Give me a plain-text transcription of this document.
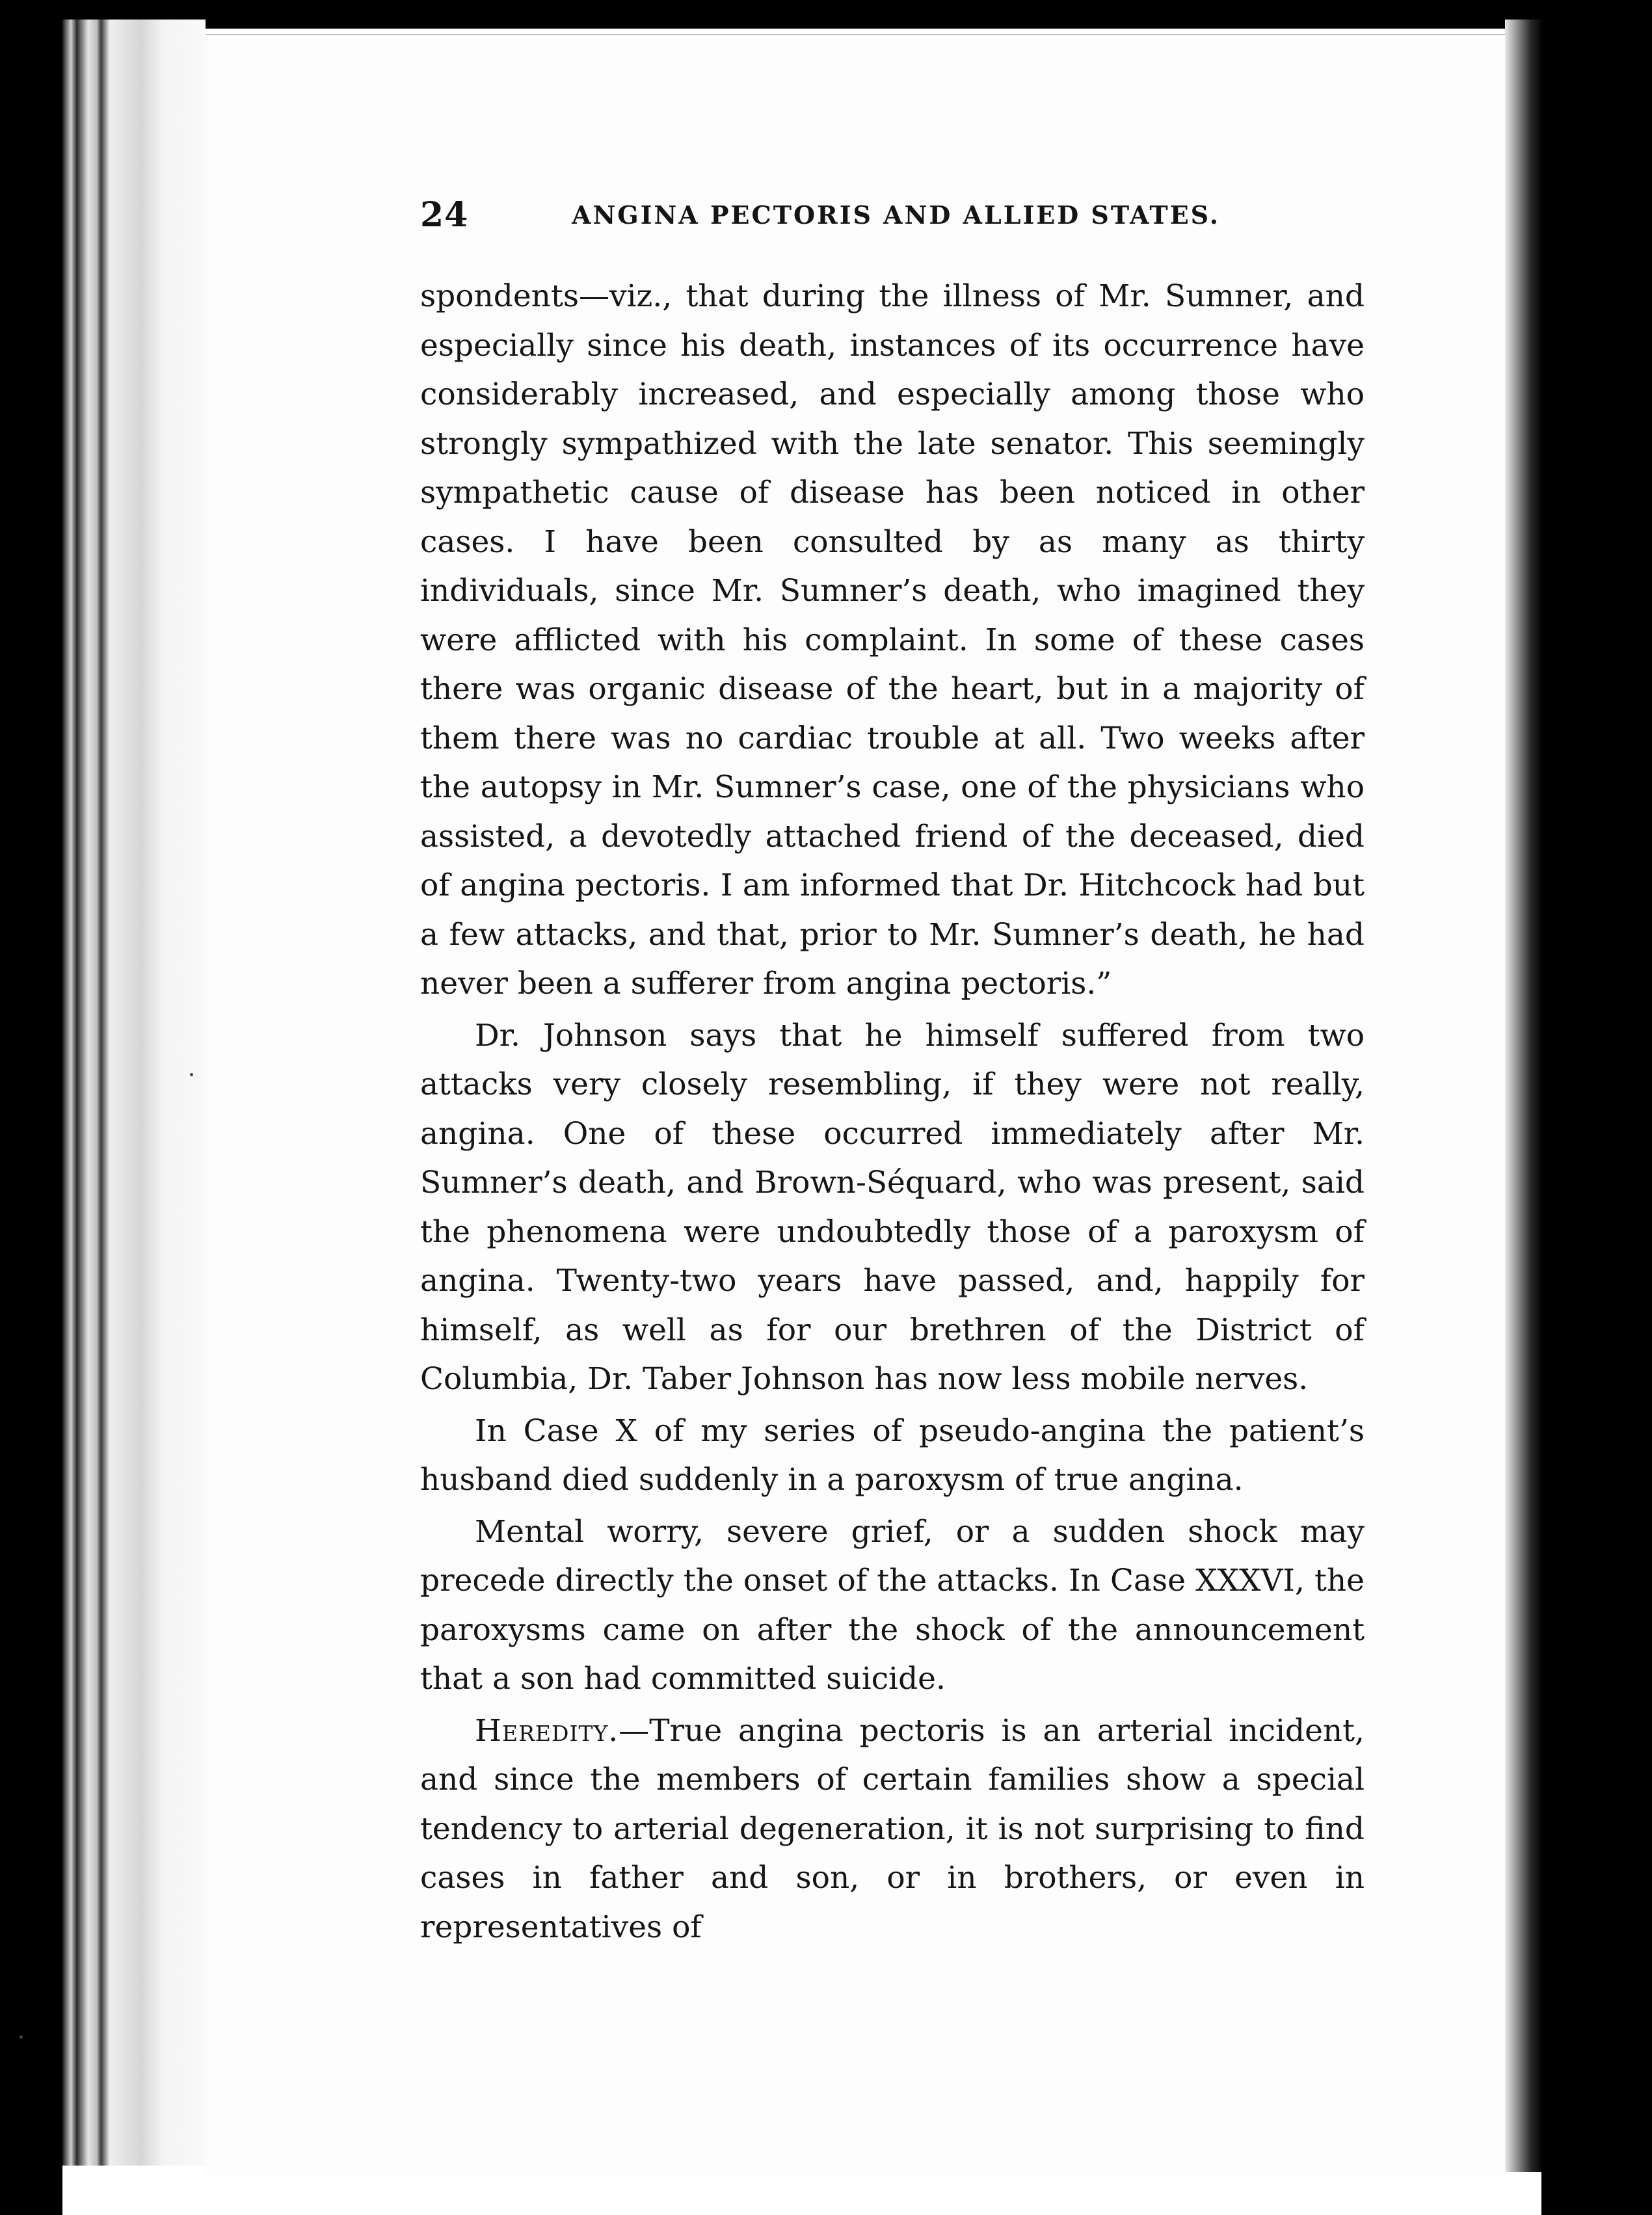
24	ANGINA PECTORIS AND ALLIED STATES.

spondents—viz., that during the illness of Mr. Sumner, and especially since his death, instances of its occurrence have considerably increased, and especially among those who strongly sympathized with the late senator. This seemingly sympathetic cause of disease has been noticed in other cases. I have been consulted by as many as thirty individuals, since Mr. Sumner’s death, who imagined they were afflicted with his complaint. In some of these cases there was organic disease of the heart, but in a majority of them there was no cardiac trouble at all. Two weeks after the autopsy in Mr. Sumner’s case, one of the physicians who assisted, a devotedly attached friend of the deceased, died of angina pectoris. I am informed that Dr. Hitchcock had but a few attacks, and that, prior to Mr. Sumner’s death, he had never been a sufferer from angina pectoris.”

Dr. Johnson says that he himself suffered from two attacks very closely resembling, if they were not really, angina. One of these occurred immediately after Mr. Sumner’s death, and Brown-Séquard, who was present, said the phenomena were undoubtedly those of a paroxysm of angina. Twenty-two years have passed, and, happily for himself, as well as for our brethren of the District of Columbia, Dr. Taber Johnson has now less mobile nerves.

In Case X of my series of pseudo-angina the patient’s husband died suddenly in a paroxysm of true angina.

Mental worry, severe grief, or a sudden shock may precede directly the onset of the attacks. In Case XXXVI, the paroxysms came on after the shock of the announcement that a son had committed suicide.

Heredity.—True angina pectoris is an arterial incident, and since the members of certain families show a special tendency to arterial degeneration, it is not surprising to find cases in father and son, or in brothers, or even in representatives of
